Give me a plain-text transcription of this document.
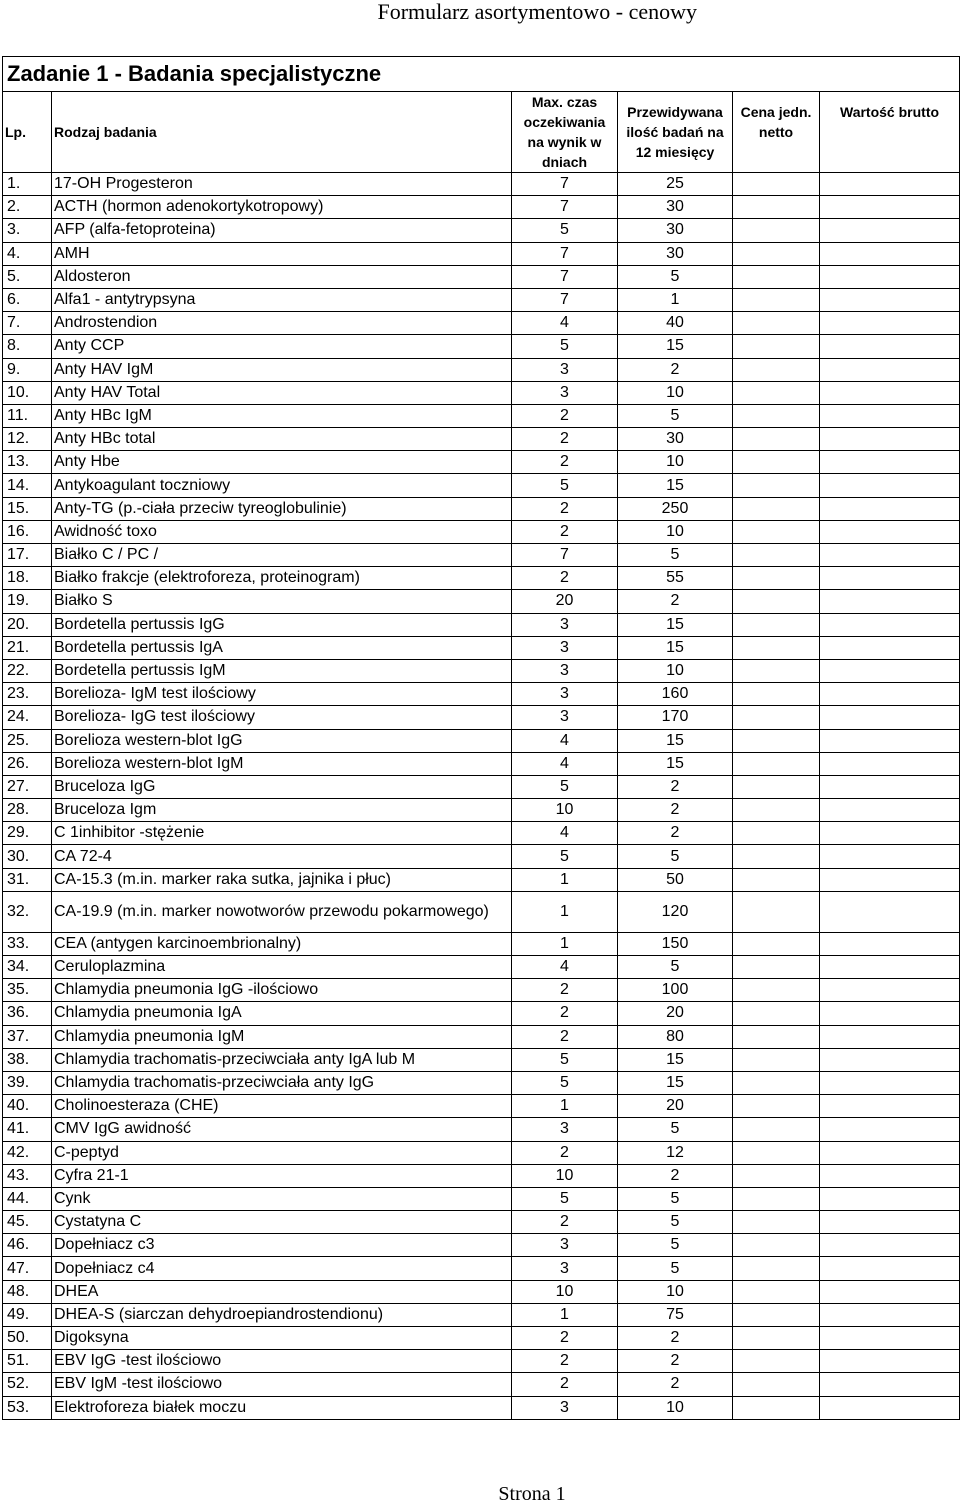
Formularz asortymentowo - cenowy
Zadanie 1 - Badania specjalistyczne					
Lp.	Rodzaj badania	Max. czas oczekiwania na wynik w dniach	Przewidywana ilość badań na 12 miesięcy	Cena jedn. netto	Wartość brutto
1.	17-OH Progesteron	7	25		
2.	ACTH (hormon adenokortykotropowy)	7	30		
3.	AFP (alfa-fetoproteina)	5	30		
4.	AMH	7	30		
5.	Aldosteron	7	5		
6.	Alfa1 - antytrypsyna	7	1		
7.	Androstendion	4	40		
8.	Anty CCP	5	15		
9.	Anty HAV IgM	3	2		
10.	Anty HAV Total	3	10		
11.	Anty HBc IgM	2	5		
12.	Anty HBc total	2	30		
13.	Anty Hbe	2	10		
14.	Antykoagulant toczniowy	5	15		
15.	Anty-TG (p.-ciała przeciw tyreoglobulinie)	2	250		
16.	Awidność toxo	2	10		
17.	Białko C / PC /	7	5		
18.	Białko frakcje (elektroforeza, proteinogram)	2	55		
19.	Białko S	20	2		
20.	Bordetella pertussis IgG	3	15		
21.	Bordetella pertussis IgA	3	15		
22.	Bordetella pertussis IgM	3	10		
23.	Borelioza- IgM test ilościowy	3	160		
24.	Borelioza- IgG test ilościowy	3	170		
25.	Borelioza western-blot IgG	4	15		
26.	Borelioza western-blot IgM	4	15		
27.	Bruceloza IgG	5	2		
28.	Bruceloza Igm	10	2		
29.	C 1inhibitor -stężenie	4	2		
30.	CA 72-4	5	5		
31.	CA-15.3 (m.in. marker raka sutka, jajnika i płuc)	1	50		
32.	CA-19.9 (m.in. marker nowotworów przewodu pokarmowego)	1	120		
33.	CEA (antygen karcinoembrionalny)	1	150		
34.	Ceruloplazmina	4	5		
35.	Chlamydia pneumonia IgG -ilościowo	2	100		
36.	Chlamydia pneumonia IgA	2	20		
37.	Chlamydia pneumonia IgM	2	80		
38.	Chlamydia trachomatis-przeciwciała anty IgA lub M	5	15		
39.	Chlamydia trachomatis-przeciwciała anty IgG	5	15		
40.	Cholinoesteraza (CHE)	1	20		
41.	CMV IgG awidność	3	5		
42.	C-peptyd	2	12		
43.	Cyfra 21-1	10	2		
44.	Cynk	5	5		
45.	Cystatyna C	2	5		
46.	Dopełniacz c3	3	5		
47.	Dopełniacz c4	3	5		
48.	DHEA	10	10		
49.	DHEA-S (siarczan dehydroepiandrostendionu)	1	75		
50.	Digoksyna	2	2		
51.	EBV IgG -test ilościowo	2	2		
52.	EBV IgM -test ilościowo	2	2		
53.	Elektroforeza białek moczu	3	10		
Strona 1
